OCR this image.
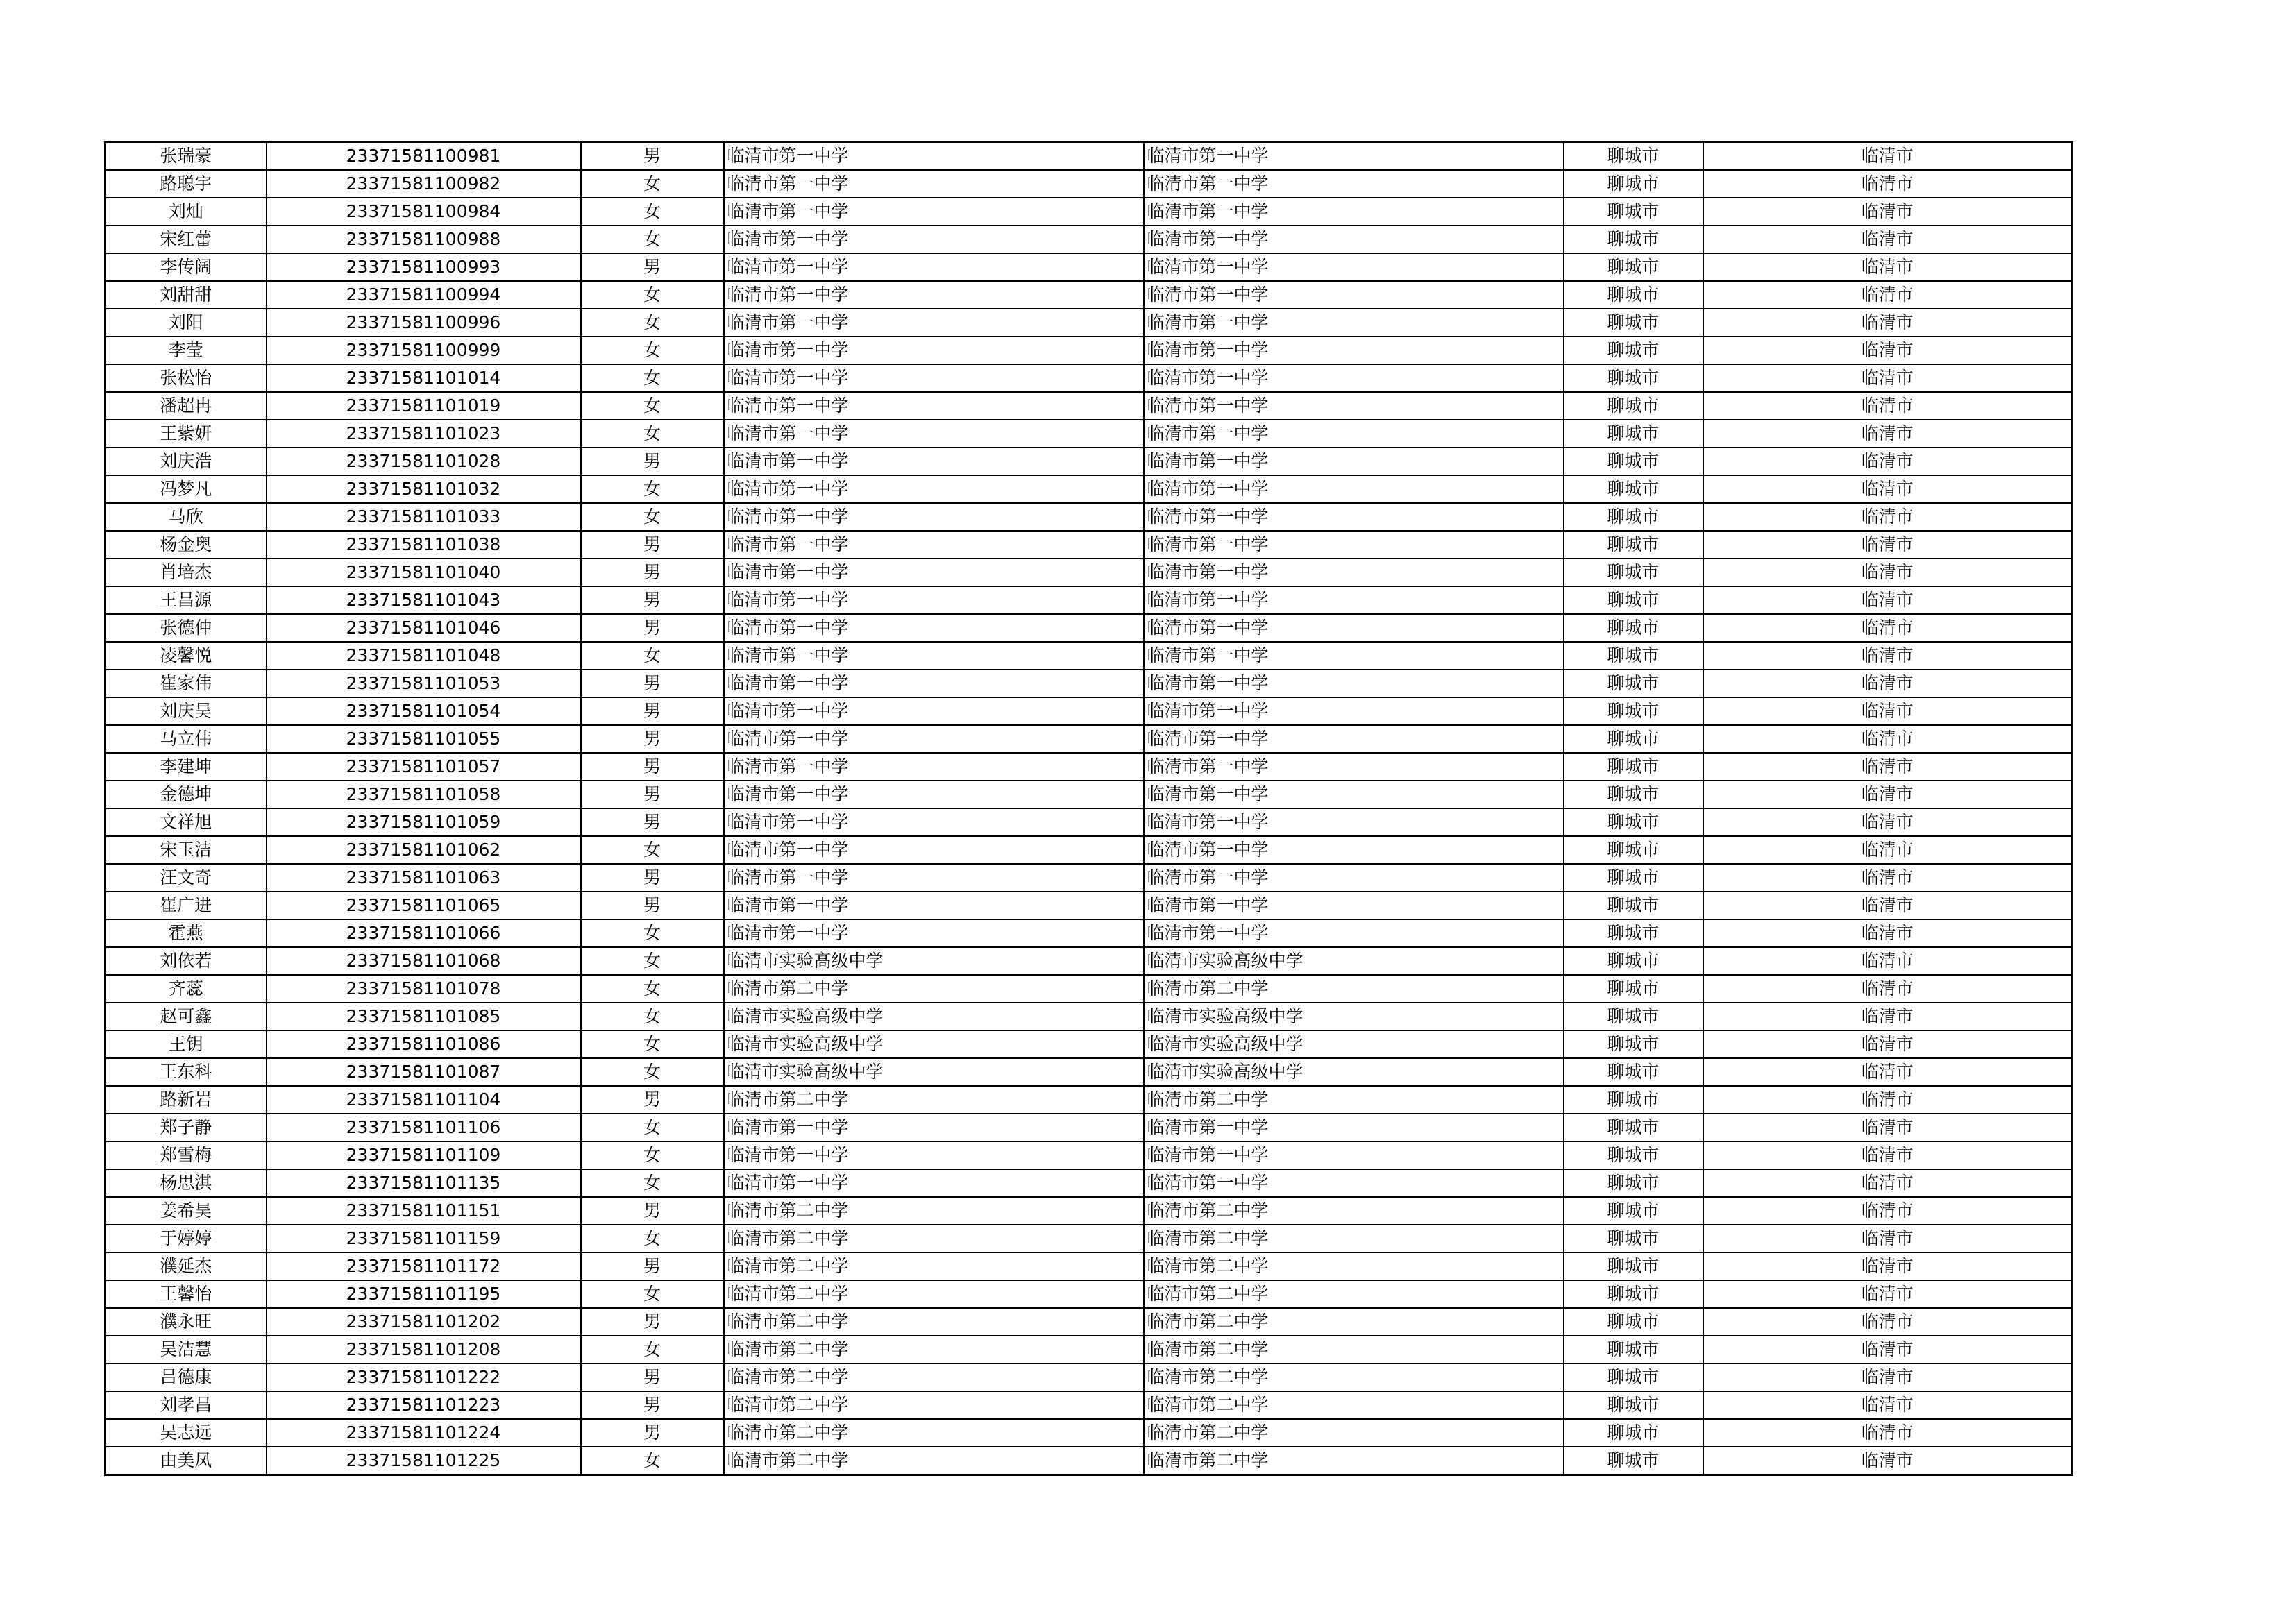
张瑞豪	23371581100981	男	临清市第一中学	临清市第一中学	聊城市	临清市
路聪宇	23371581100982	女	临清市第一中学	临清市第一中学	聊城市	临清市
刘灿	23371581100984	女	临清市第一中学	临清市第一中学	聊城市	临清市
宋红蕾	23371581100988	女	临清市第一中学	临清市第一中学	聊城市	临清市
李传阔	23371581100993	男	临清市第一中学	临清市第一中学	聊城市	临清市
刘甜甜	23371581100994	女	临清市第一中学	临清市第一中学	聊城市	临清市
刘阳	23371581100996	女	临清市第一中学	临清市第一中学	聊城市	临清市
李莹	23371581100999	女	临清市第一中学	临清市第一中学	聊城市	临清市
张松怡	23371581101014	女	临清市第一中学	临清市第一中学	聊城市	临清市
潘超冉	23371581101019	女	临清市第一中学	临清市第一中学	聊城市	临清市
王紫妍	23371581101023	女	临清市第一中学	临清市第一中学	聊城市	临清市
刘庆浩	23371581101028	男	临清市第一中学	临清市第一中学	聊城市	临清市
冯梦凡	23371581101032	女	临清市第一中学	临清市第一中学	聊城市	临清市
马欣	23371581101033	女	临清市第一中学	临清市第一中学	聊城市	临清市
杨金奥	23371581101038	男	临清市第一中学	临清市第一中学	聊城市	临清市
肖培杰	23371581101040	男	临清市第一中学	临清市第一中学	聊城市	临清市
王昌源	23371581101043	男	临清市第一中学	临清市第一中学	聊城市	临清市
张德仲	23371581101046	男	临清市第一中学	临清市第一中学	聊城市	临清市
凌馨悦	23371581101048	女	临清市第一中学	临清市第一中学	聊城市	临清市
崔家伟	23371581101053	男	临清市第一中学	临清市第一中学	聊城市	临清市
刘庆昊	23371581101054	男	临清市第一中学	临清市第一中学	聊城市	临清市
马立伟	23371581101055	男	临清市第一中学	临清市第一中学	聊城市	临清市
李建坤	23371581101057	男	临清市第一中学	临清市第一中学	聊城市	临清市
金德坤	23371581101058	男	临清市第一中学	临清市第一中学	聊城市	临清市
文祥旭	23371581101059	男	临清市第一中学	临清市第一中学	聊城市	临清市
宋玉洁	23371581101062	女	临清市第一中学	临清市第一中学	聊城市	临清市
汪文奇	23371581101063	男	临清市第一中学	临清市第一中学	聊城市	临清市
崔广进	23371581101065	男	临清市第一中学	临清市第一中学	聊城市	临清市
霍燕	23371581101066	女	临清市第一中学	临清市第一中学	聊城市	临清市
刘依若	23371581101068	女	临清市实验高级中学	临清市实验高级中学	聊城市	临清市
齐蕊	23371581101078	女	临清市第二中学	临清市第二中学	聊城市	临清市
赵可鑫	23371581101085	女	临清市实验高级中学	临清市实验高级中学	聊城市	临清市
王钥	23371581101086	女	临清市实验高级中学	临清市实验高级中学	聊城市	临清市
王东科	23371581101087	女	临清市实验高级中学	临清市实验高级中学	聊城市	临清市
路新岩	23371581101104	男	临清市第二中学	临清市第二中学	聊城市	临清市
郑子静	23371581101106	女	临清市第一中学	临清市第一中学	聊城市	临清市
郑雪梅	23371581101109	女	临清市第一中学	临清市第一中学	聊城市	临清市
杨思淇	23371581101135	女	临清市第一中学	临清市第一中学	聊城市	临清市
姜希昊	23371581101151	男	临清市第二中学	临清市第二中学	聊城市	临清市
于婷婷	23371581101159	女	临清市第二中学	临清市第二中学	聊城市	临清市
濮延杰	23371581101172	男	临清市第二中学	临清市第二中学	聊城市	临清市
王馨怡	23371581101195	女	临清市第二中学	临清市第二中学	聊城市	临清市
濮永旺	23371581101202	男	临清市第二中学	临清市第二中学	聊城市	临清市
吴洁慧	23371581101208	女	临清市第二中学	临清市第二中学	聊城市	临清市
吕德康	23371581101222	男	临清市第二中学	临清市第二中学	聊城市	临清市
刘孝昌	23371581101223	男	临清市第二中学	临清市第二中学	聊城市	临清市
吴志远	23371581101224	男	临清市第二中学	临清市第二中学	聊城市	临清市
由美凤	23371581101225	女	临清市第二中学	临清市第二中学	聊城市	临清市
